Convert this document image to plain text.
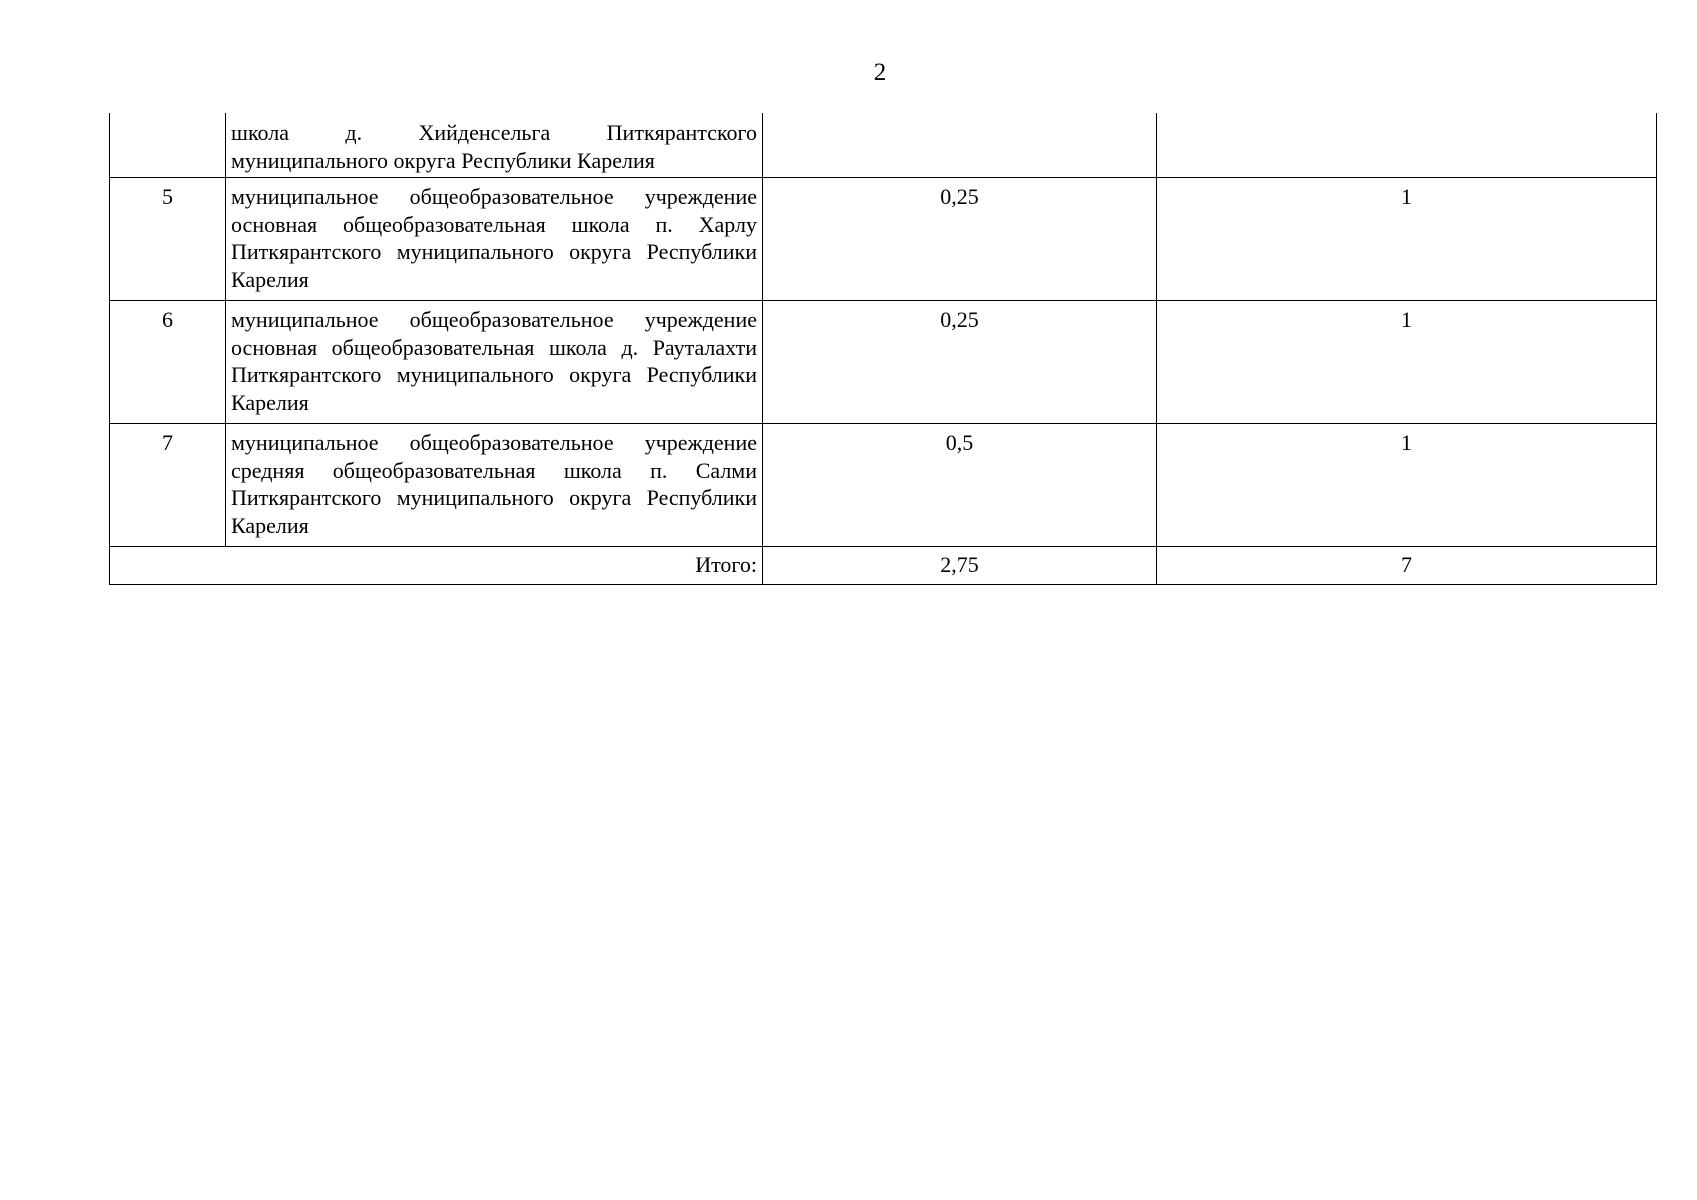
2
	школа д. Хийденсельга Питкярантского муниципального округа Республики Карелия		
5	муниципальное общеобразовательное учреждение основная общеобразовательная школа п. Харлу Питкярантского муниципального округа Республики Карелия	0,25	1
6	муниципальное общеобразовательное учреждение основная общеобразовательная школа д. Рауталахти Питкярантского муниципального округа Республики Карелия	0,25	1
7	муниципальное общеобразовательное учреждение средняя общеобразовательная школа п. Салми Питкярантского муниципального округа Республики Карелия	0,5	1
Итого:		2,75	7
